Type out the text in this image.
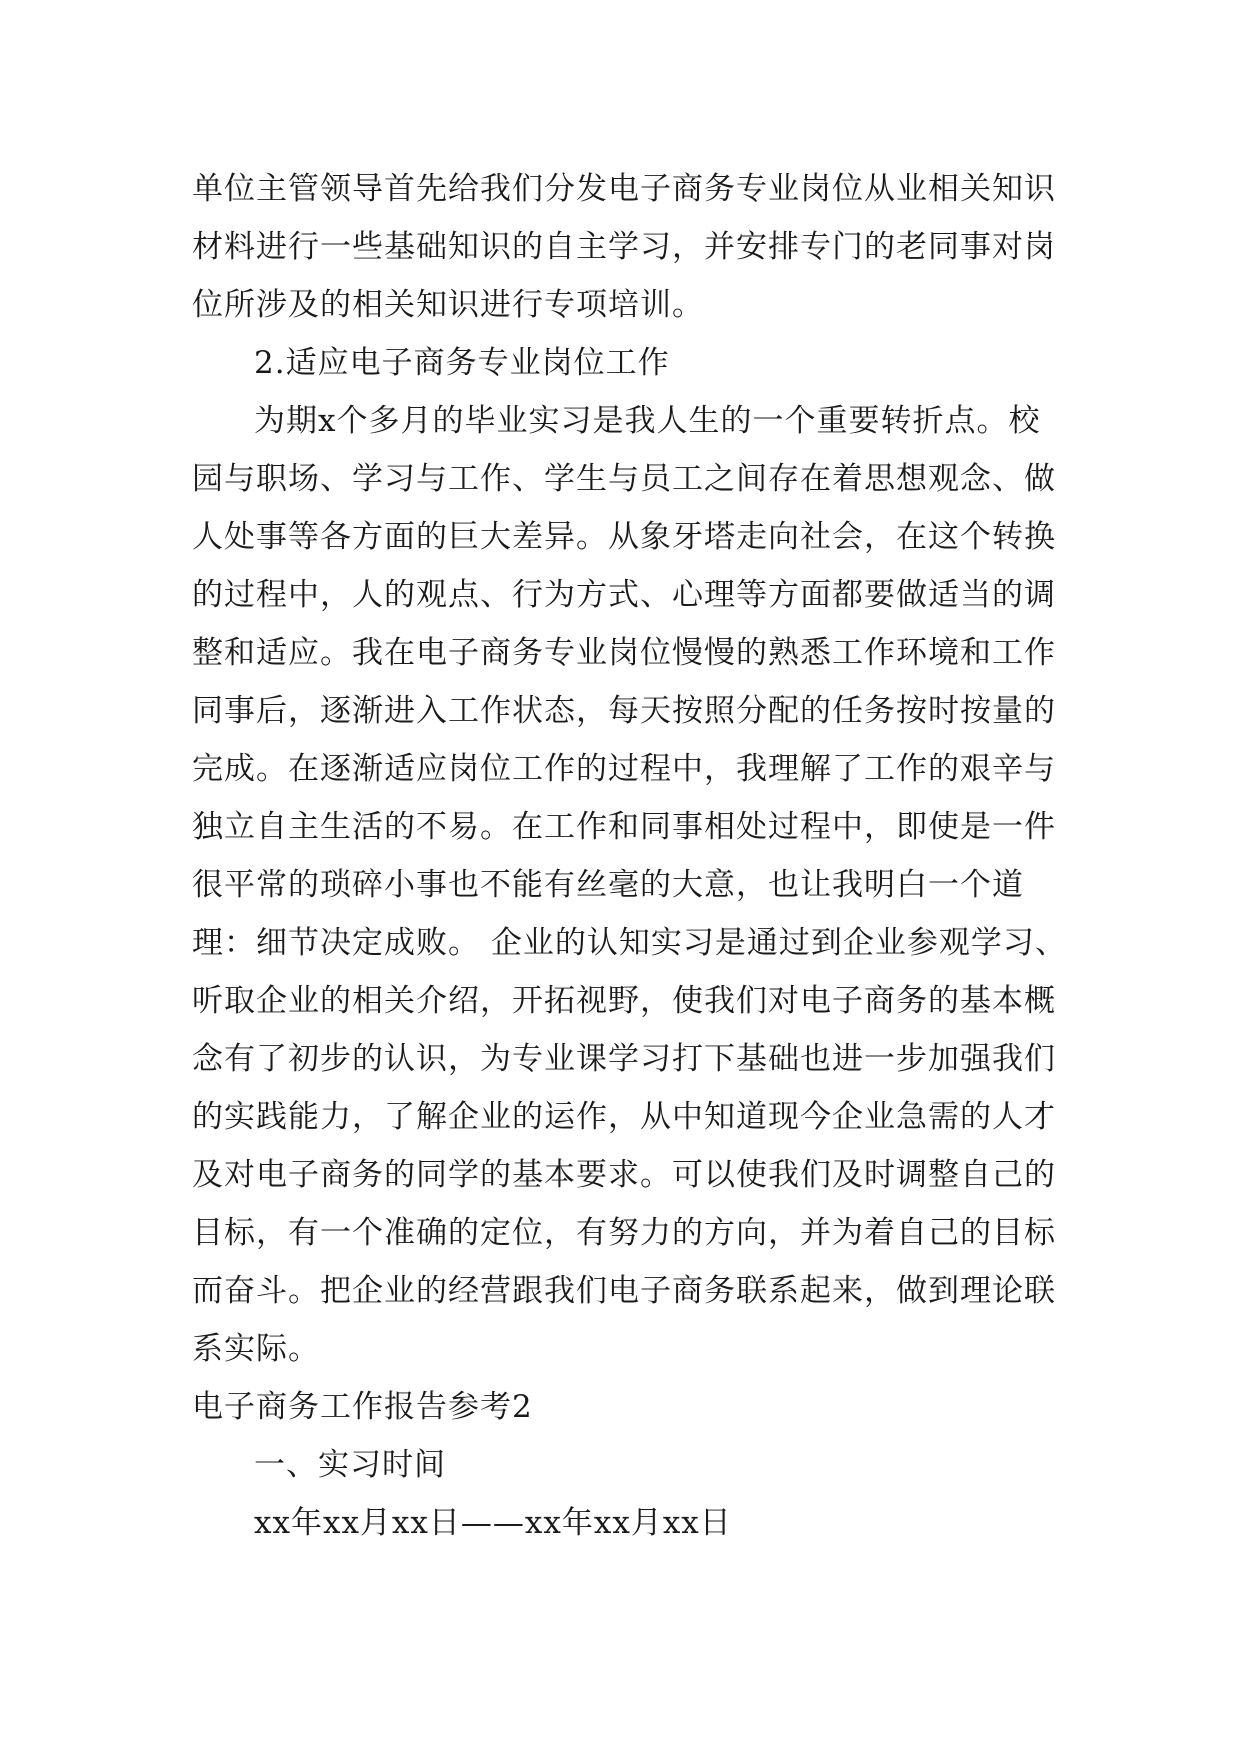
单位主管领导首先给我们分发电子商务专业岗位从业相关知识材料进行一些基础知识的自主学习，并安排专门的老同事对岗位所涉及的相关知识进行专项培训。

2.适应电子商务专业岗位工作

为期x个多月的毕业实习是我人生的一个重要转折点。校园与职场、学习与工作、学生与员工之间存在着思想观念、做人处事等各方面的巨大差异。从象牙塔走向社会，在这个转换的过程中，人的观点、行为方式、心理等方面都要做适当的调整和适应。我在电子商务专业岗位慢慢的熟悉工作环境和工作同事后，逐渐进入工作状态，每天按照分配的任务按时按量的完成。在逐渐适应岗位工作的过程中，我理解了工作的艰辛与独立自主生活的不易。在工作和同事相处过程中，即使是一件很平常的琐碎小事也不能有丝毫的大意，也让我明白一个道理：细节决定成败。 企业的认知实习是通过到企业参观学习、听取企业的相关介绍，开拓视野，使我们对电子商务的基本概念有了初步的认识，为专业课学习打下基础也进一步加强我们的实践能力，了解企业的运作，从中知道现今企业急需的人才及对电子商务的同学的基本要求。可以使我们及时调整自己的目标，有一个准确的定位，有努力的方向，并为着自己的目标而奋斗。把企业的经营跟我们电子商务联系起来，做到理论联系实际。

电子商务工作报告参考2

一、实习时间

xx年xx月xx日——xx年xx月xx日
